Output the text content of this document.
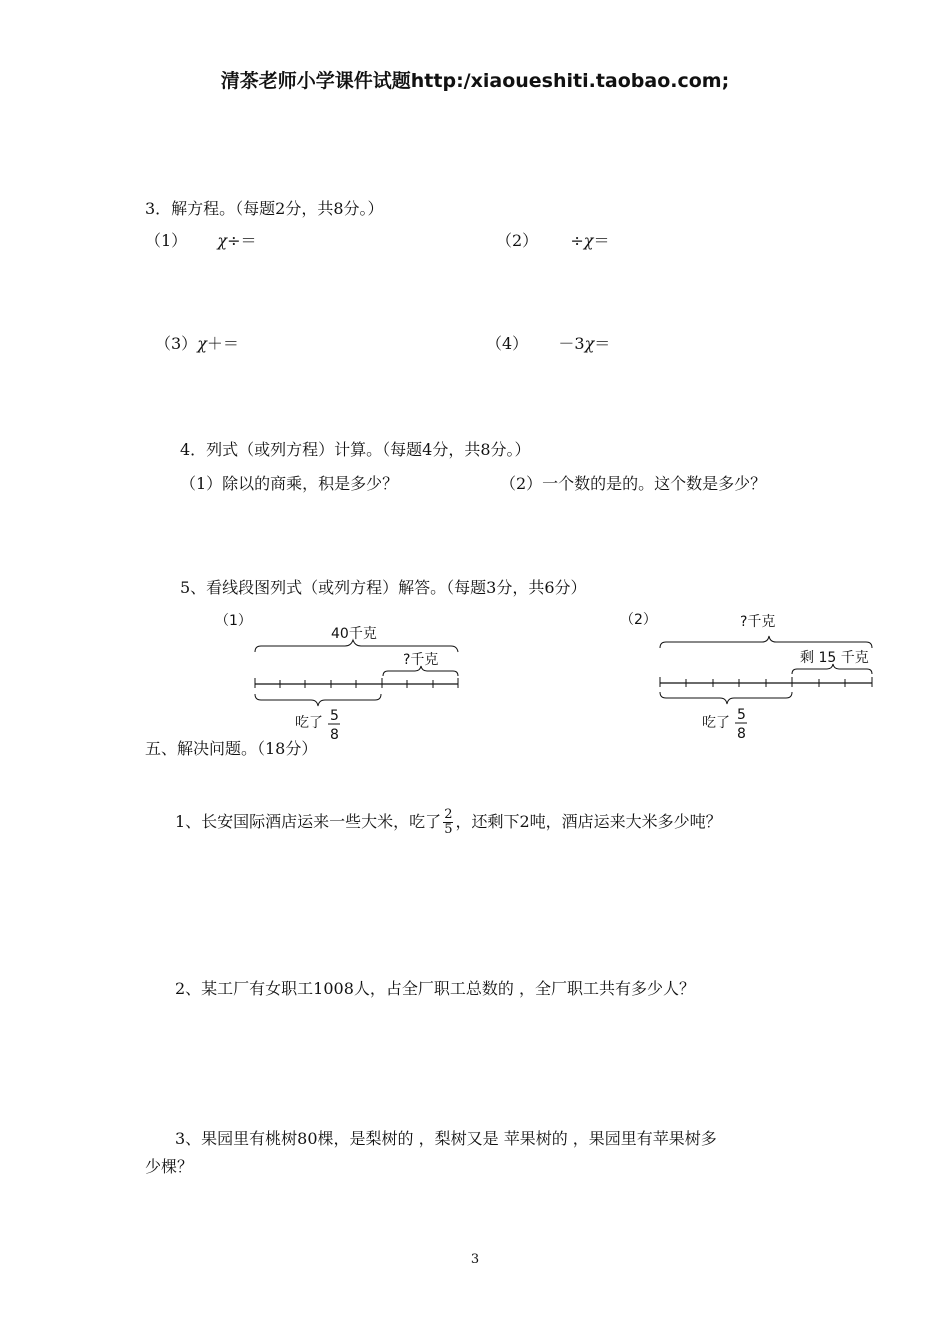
清茶老师小学课件试题http:/xiaoueshiti.taobao.com;
3．解方程。（每题2分，共8分。）
（1） χ÷＝	（2） ÷χ＝
（3）χ＋＝	（4） －3χ＝
4．列式（或列方程）计算。（每题4分，共8分。）
（1）除以的商乘，积是多少？	（2）一个数的是的。这个数是多少？
5、看线段图列式（或列方程）解答。（每题3分，共6分）
（1）
40千克
?千克
吃了 5
8
（2）	?千克
剩 15 千克
吃了 5
8
五、解决问题。（18分）
1、长安国际酒店运来一些大米，吃了 $\frac{2}{5}$ ，还剩下2吨，酒店运来大米多少吨？
2、某工厂有女职工1008人，占全厂职工总数的 ，全厂职工共有多少人？
3、果园里有桃树80棵，是梨树的 ，梨树又是 苹果树的 ，果园里有苹果树多
少棵？
3
